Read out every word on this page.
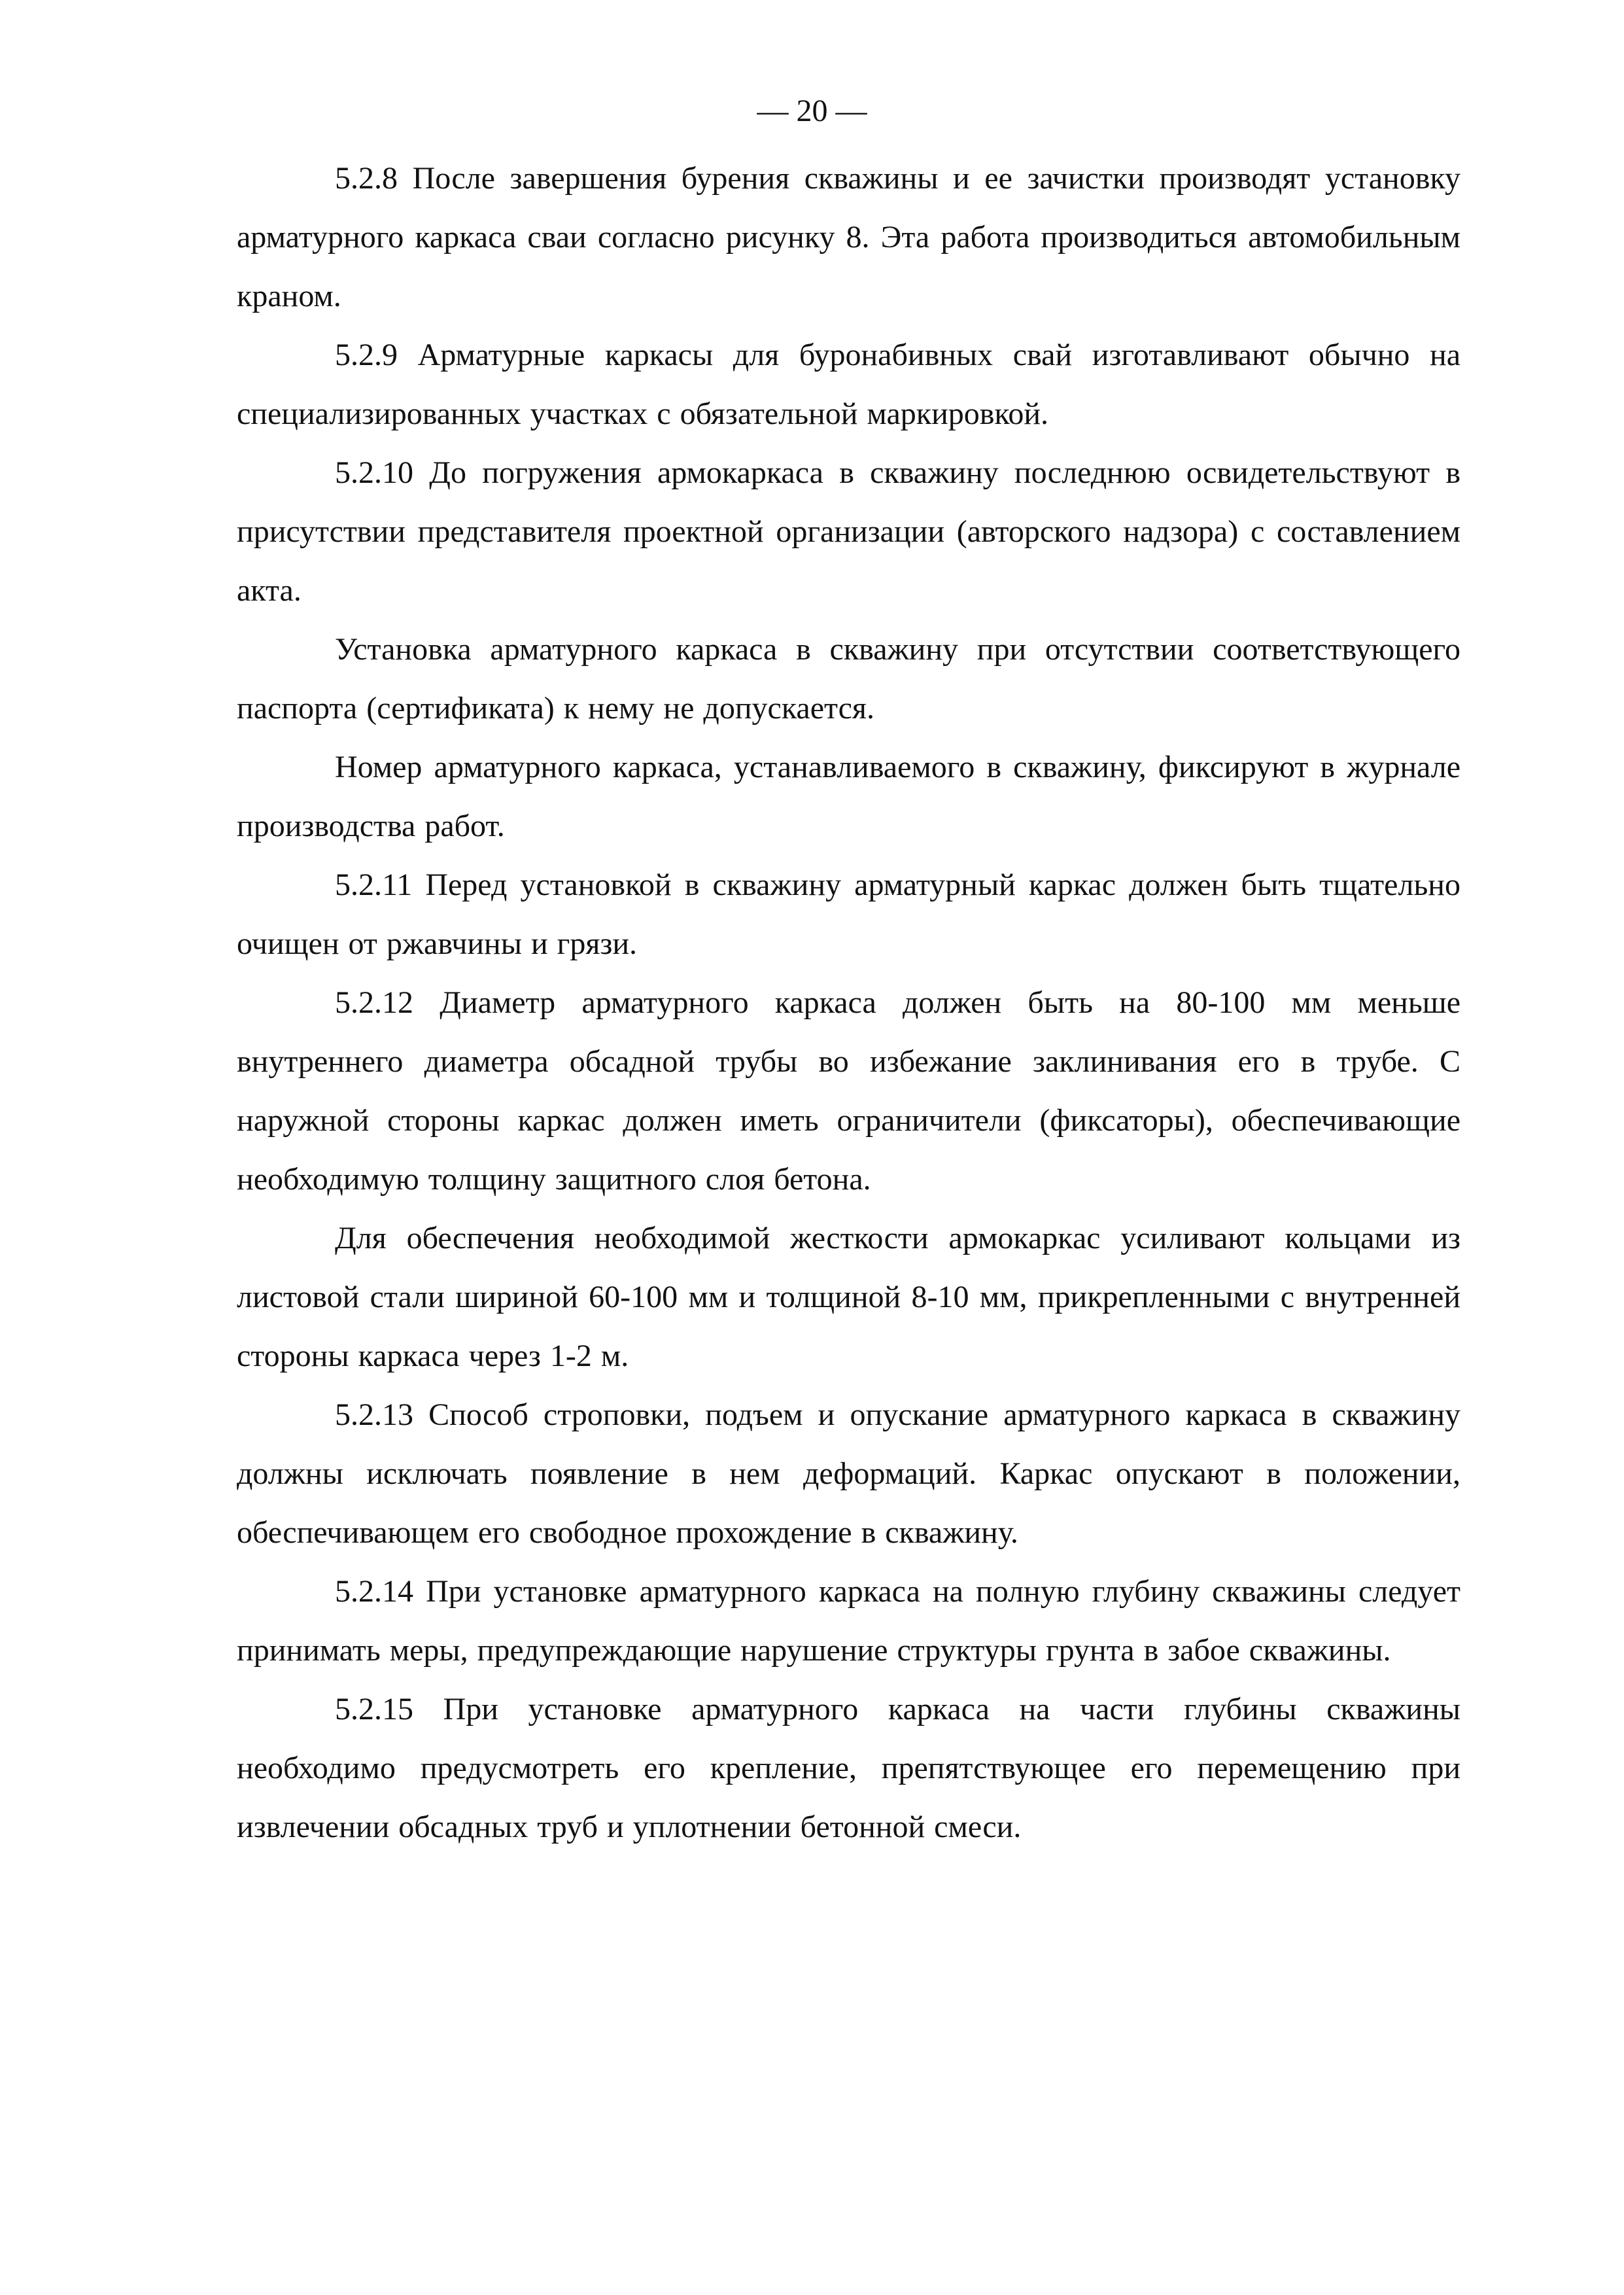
— 20 —

5.2.8 После завершения бурения скважины и ее зачистки производят установку арматурного каркаса сваи согласно рисунку 8. Эта работа производиться автомобильным краном.

5.2.9 Арматурные каркасы для буронабивных свай изготавливают обычно на специализированных участках с обязательной маркировкой.

5.2.10 До погружения армокаркаса в скважину последнюю освидетельствуют в присутствии представителя проектной организации (авторского надзора) с составлением акта.

Установка арматурного каркаса в скважину при отсутствии соответствующего паспорта (сертификата) к нему не допускается.

Номер арматурного каркаса, устанавливаемого в скважину, фиксируют в журнале производства работ.

5.2.11 Перед установкой в скважину арматурный каркас должен быть тщательно очищен от ржавчины и грязи.

5.2.12 Диаметр арматурного каркаса должен быть на 80-100 мм меньше внутреннего диаметра обсадной трубы во избежание заклинивания его в трубе. С наружной стороны каркас должен иметь ограничители (фиксаторы), обеспечивающие необходимую толщину защитного слоя бетона.

Для обеспечения необходимой жесткости армокаркас усиливают кольцами из листовой стали шириной 60-100 мм и толщиной 8-10 мм, прикрепленными с внутренней стороны каркаса через 1-2 м.

5.2.13 Способ строповки, подъем и опускание арматурного каркаса в скважину должны исключать появление в нем деформаций. Каркас опускают в положении, обеспечивающем его свободное прохождение в скважину.

5.2.14 При установке арматурного каркаса на полную глубину скважины следует принимать меры, предупреждающие нарушение структуры грунта в забое скважины.

5.2.15 При установке арматурного каркаса на части глубины скважины необходимо предусмотреть его крепление, препятствующее его перемещению при извлечении обсадных труб и уплотнении бетонной смеси.
